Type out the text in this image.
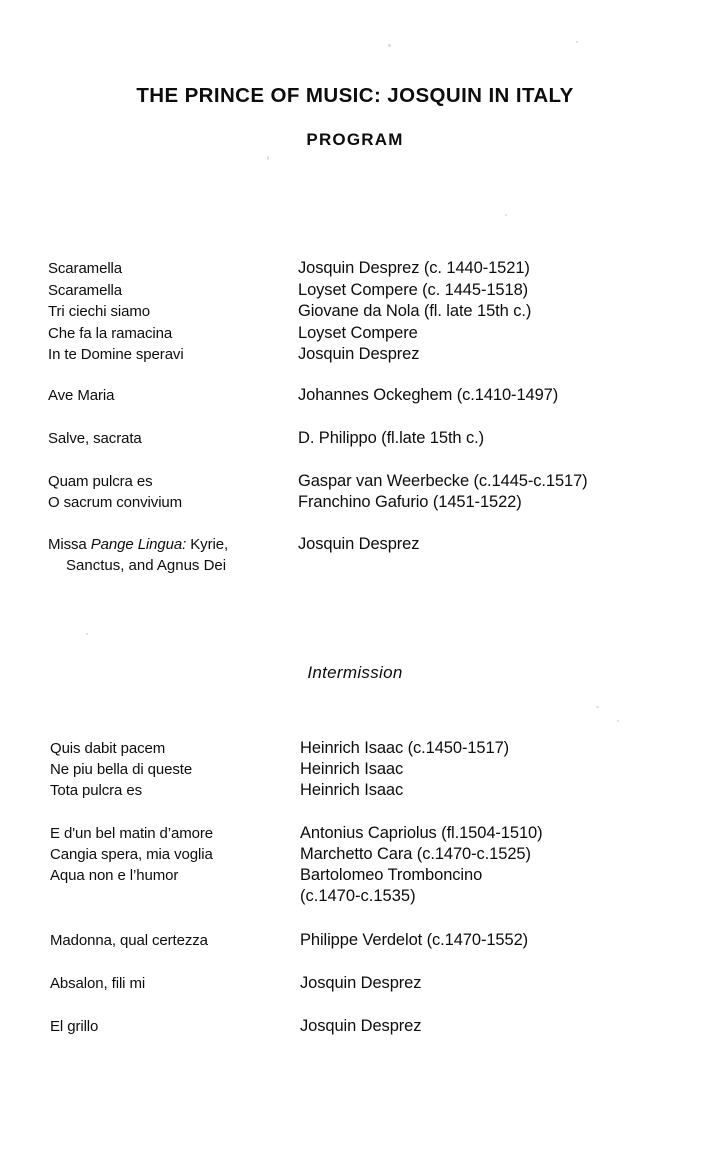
THE PRINCE OF MUSIC: JOSQUIN IN ITALY
PROGRAM
Scaramella	Josquin Desprez (c. 1440-1521)
Scaramella	Loyset Compere (c. 1445-1518)
Tri ciechi siamo	Giovane da Nola (fl. late 15th c.)
Che fa la ramacina	Loyset Compere
In te Domine speravi	Josquin Desprez
Ave Maria	Johannes Ockeghem (c.1410-1497)
Salve, sacrata	D. Philippo (fl.late 15th c.)
Quam pulcra es	Gaspar van Weerbecke (c.1445-c.1517)
O sacrum convivium	Franchino Gafurio (1451-1522)
Missa Pange Lingua: Kyrie,	Josquin Desprez
Sanctus, and Agnus Dei
Intermission
Quis dabit pacem	Heinrich Isaac (c.1450-1517)
Ne piu bella di queste	Heinrich Isaac
Tota pulcra es	Heinrich Isaac
E d'un bel matin d’amore	Antonius Capriolus (fl.1504-1510)
Cangia spera, mia voglia	Marchetto Cara (c.1470-c.1525)
Aqua non e l’humor	Bartolomeo Tromboncino
(c.1470-c.1535)
Madonna, qual certezza	Philippe Verdelot (c.1470-1552)
Absalon, fili mi	Josquin Desprez
El grillo	Josquin Desprez
